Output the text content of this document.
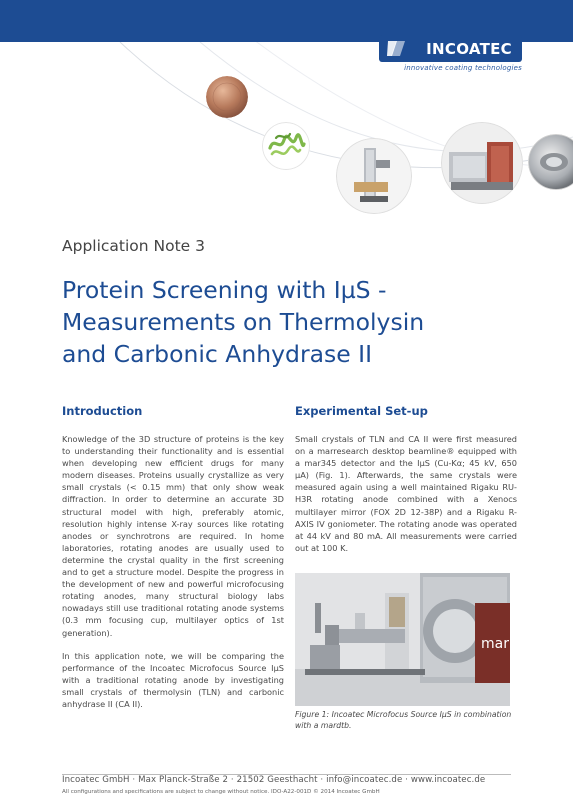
INCOATEC
innovative coating technologies
Application Note 3
Protein Screening with IµS -
Measurements on Thermolysin
and Carbonic Anhydrase II
Introduction

Knowledge of the 3D structure of proteins is the key to understanding their functionality and is essential when developing new efficient drugs for many modern diseases. Proteins usually crystallize as very small crystals (< 0.15 mm) that only show weak diffraction. In order to determine an accurate 3D structural model with high, preferably atomic, resolution highly intense X-ray sources like rotating anodes or synchrotrons are required. In home laboratories, rotating anodes are usually used to determine the crystal quality in the first screening and to get a structure model. Despite the progress in the development of new and powerful microfocusing rotating anodes, many structural biology labs nowadays still use traditional rotating anode systems (0.3 mm focusing cup, multilayer optics of 1st generation).

In this application note, we will be comparing the performance of the Incoatec Microfocus Source IµS with a traditional rotating anode by investigating small crystals of thermolysin (TLN) and carbonic anhydrase II (CA II).

Experimental Set-up

Small crystals of TLN and CA II were first measured on a marresearch desktop beamline® equipped with a mar345 detector and the IµS (Cu-Kα; 45 kV, 650 µA) (Fig. 1). Afterwards, the same crystals were measured again using a well maintained Rigaku RU-H3R rotating anode combined with a Xenocs multilayer mirror (FOX 2D 12-38P) and a Rigaku R-AXIS IV goniometer. The rotating anode was operated at 44 kV and 80 mA. All measurements were carried out at 100 K.

mar
Figure 1: Incoatec Microfocus Source IµS in combination with a mardtb.
Incoatec GmbH · Max Planck-Straße 2 · 21502 Geesthacht · info@incoatec.de · www.incoatec.de
All configurations and specifications are subject to change without notice. IDO-A22-001D © 2014 Incoatec GmbH
